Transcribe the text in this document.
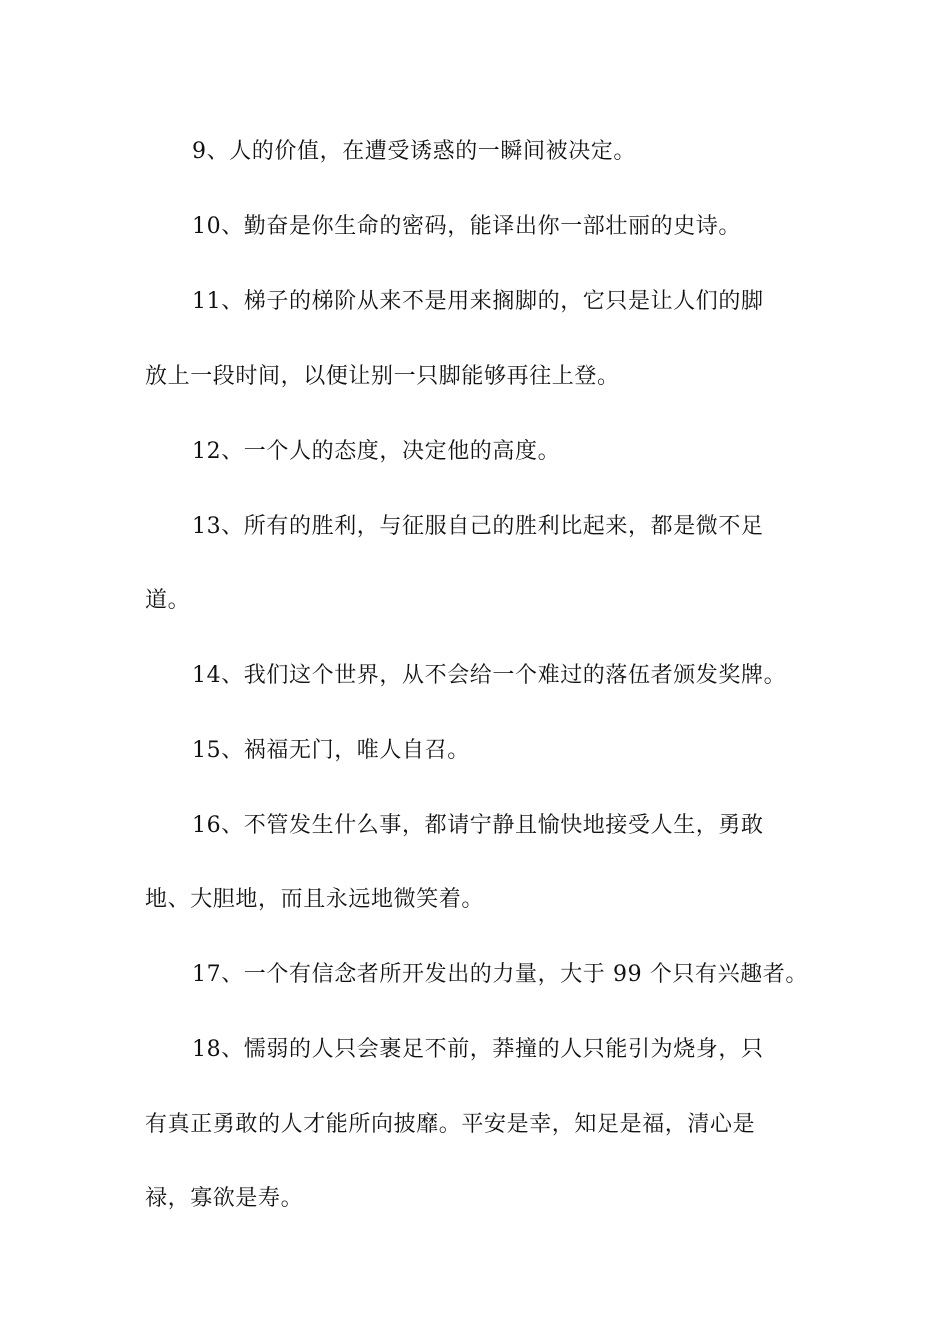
9、人的价值，在遭受诱惑的一瞬间被决定。
10、勤奋是你生命的密码，能译出你一部壮丽的史诗。
11、梯子的梯阶从来不是用来搁脚的，它只是让人们的脚
放上一段时间，以便让别一只脚能够再往上登。
12、一个人的态度，决定他的高度。
13、所有的胜利，与征服自己的胜利比起来，都是微不足
道。
14、我们这个世界，从不会给一个难过的落伍者颁发奖牌。
15、祸福无门，唯人自召。
16、不管发生什么事，都请宁静且愉快地接受人生，勇敢
地、大胆地，而且永远地微笑着。
17、一个有信念者所开发出的力量，大于 99 个只有兴趣者。
18、懦弱的人只会裹足不前，莽撞的人只能引为烧身，只
有真正勇敢的人才能所向披靡。平安是幸，知足是福，清心是
禄，寡欲是寿。
